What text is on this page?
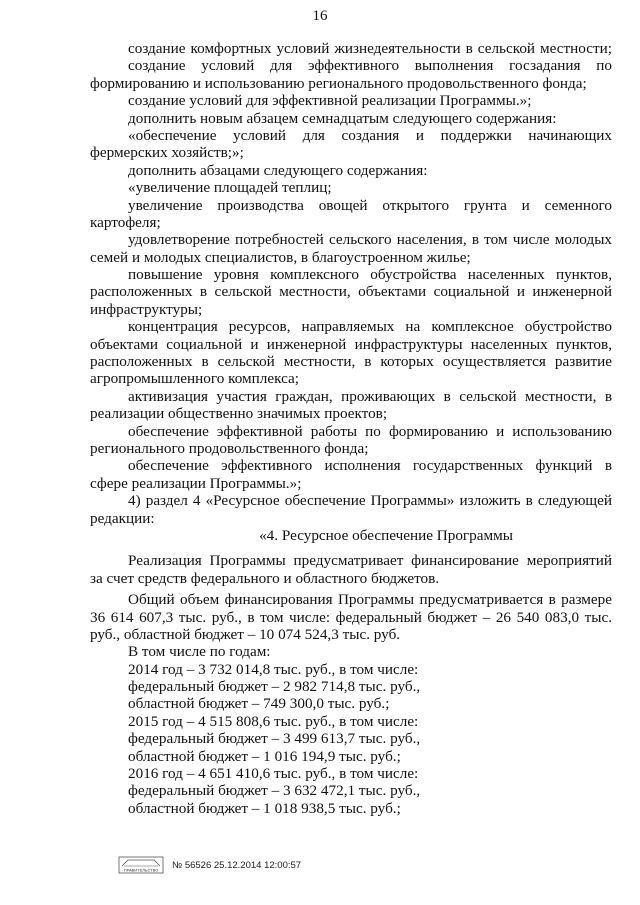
16
создание комфортных условий жизнедеятельности в сельской местности;
создание условий для эффективного выполнения госзадания по
формированию и использованию регионального продовольственного фонда;
создание условий для эффективной реализации Программы.»;
дополнить новым абзацем семнадцатым следующего содержания:
«обеспечение условий для создания и поддержки начинающих
фермерских хозяйств;»;
дополнить абзацами следующего содержания:
«увеличение площадей теплиц;
увеличение производства овощей открытого грунта и семенного
картофеля;
удовлетворение потребностей сельского населения, в том числе молодых
семей и молодых специалистов, в благоустроенном жилье;
повышение уровня комплексного обустройства населенных пунктов,
расположенных в сельской местности, объектами социальной и инженерной
инфраструктуры;
концентрация ресурсов, направляемых на комплексное обустройство
объектами социальной и инженерной инфраструктуры населенных пунктов,
расположенных в сельской местности, в которых осуществляется развитие
агропромышленного комплекса;
активизация участия граждан, проживающих в сельской местности, в
реализации общественно значимых проектов;
обеспечение эффективной работы по формированию и использованию
регионального продовольственного фонда;
обеспечение эффективного исполнения государственных функций в
сфере реализации Программы.»;
4) раздел 4 «Ресурсное обеспечение Программы» изложить в следующей
редакции:
«4. Ресурсное обеспечение Программы
Реализация Программы предусматривает финансирование мероприятий
за счет средств федерального и областного бюджетов.
Общий объем финансирования Программы предусматривается в размере
36 614 607,3 тыс. руб., в том числе: федеральный бюджет – 26 540 083,0 тыс.
руб., областной бюджет – 10 074 524,3 тыс. руб.
В том числе по годам:
2014 год – 3 732 014,8 тыс. руб., в том числе:
федеральный бюджет – 2 982 714,8 тыс. руб.,
областной бюджет – 749 300,0 тыс. руб.;
2015 год – 4 515 808,6 тыс. руб., в том числе:
федеральный бюджет – 3 499 613,7 тыс. руб.,
областной бюджет – 1 016 194,9 тыс. руб.;
2016 год – 4 651 410,6 тыс. руб., в том числе:
федеральный бюджет – 3 632 472,1 тыс. руб.,
областной бюджет – 1 018 938,5 тыс. руб.;
ПРАВИТЕЛЬСТВО № 56526 25.12.2014 12:00:57
